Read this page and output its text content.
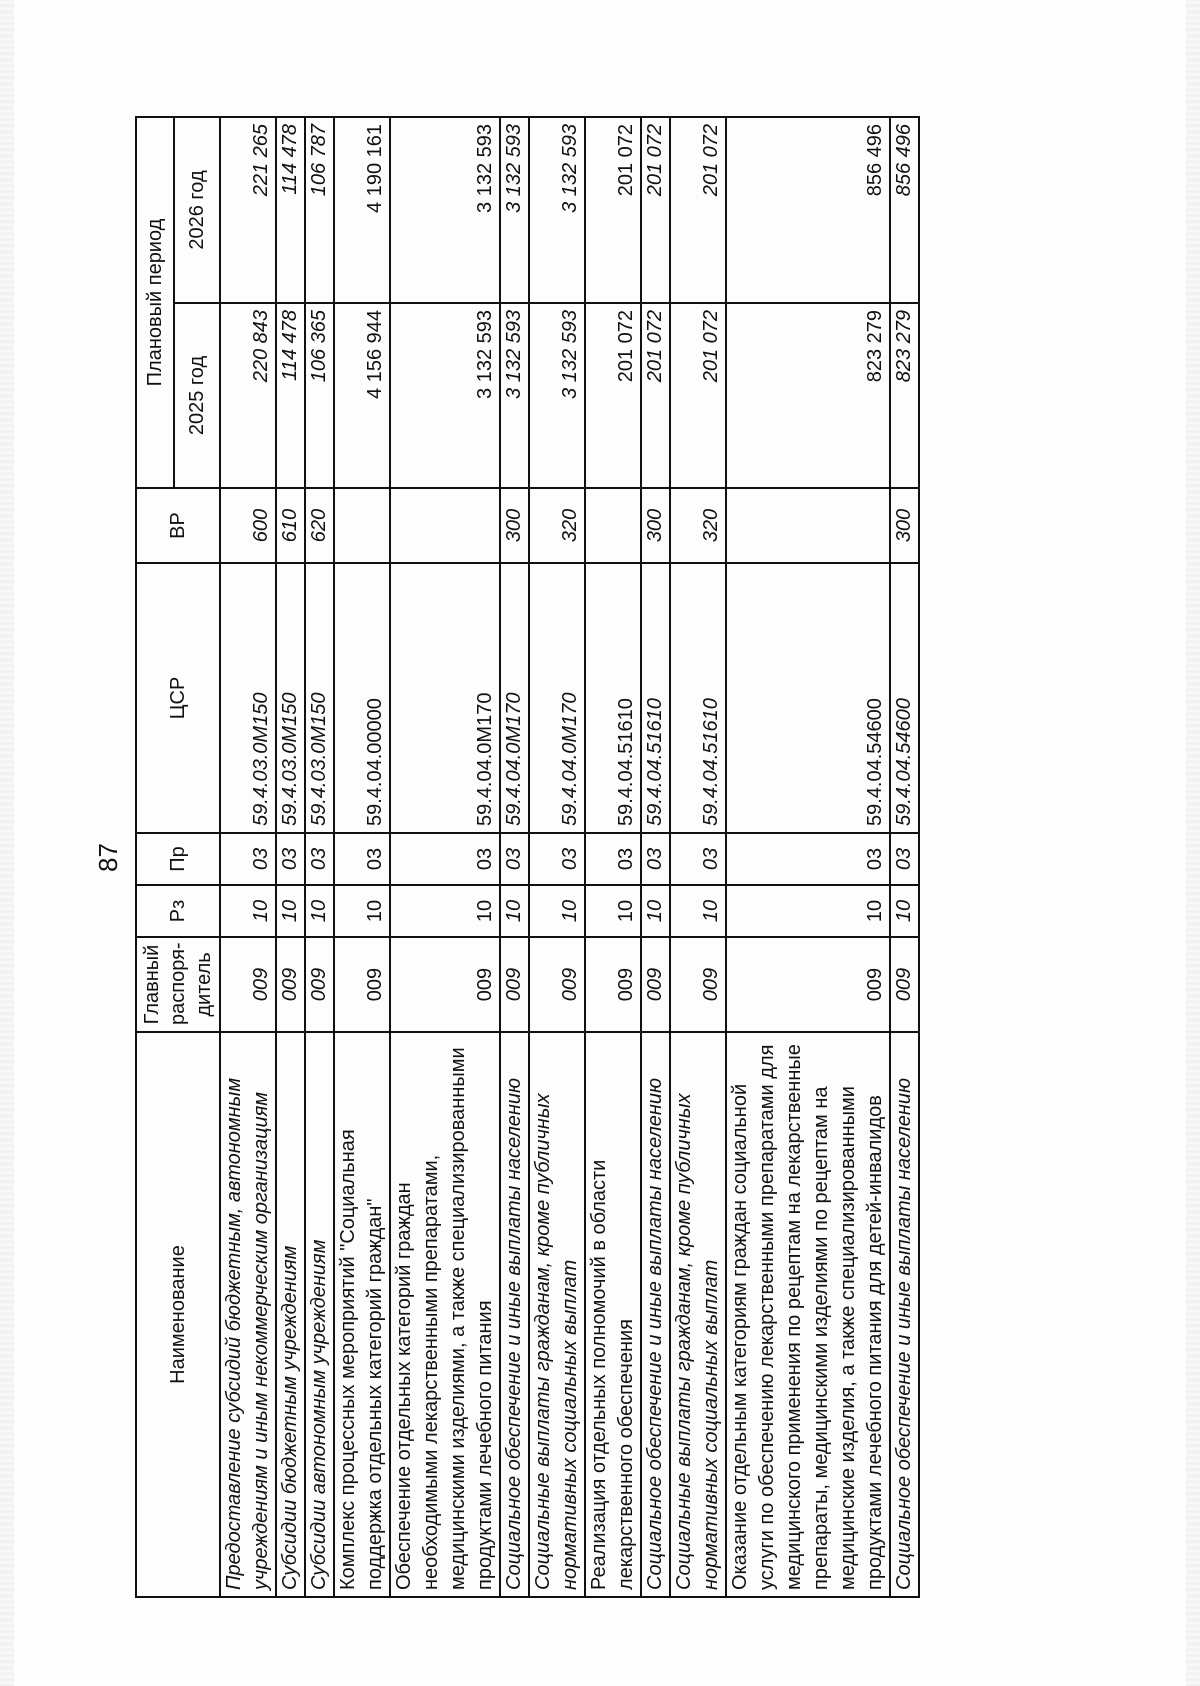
87
Наименование	Главный распоря-дитель	Рз	Пр	ЦСР	ВР	Плановый период	
						2025 год	2026 год
Предоставление субсидий бюджетным, автономным учреждениям и иным некоммерческим организациям	009	10	03	59.4.03.0М150	600	220 843	221 265
Субсидии бюджетным учреждениям	009	10	03	59.4.03.0М150	610	114 478	114 478
Субсидии автономным учреждениям	009	10	03	59.4.03.0М150	620	106 365	106 787
Комплекс процессных мероприятий "Социальная поддержка отдельных категорий граждан"	009	10	03	59.4.04.00000		4 156 944	4 190 161
Обеспечение отдельных категорий граждан необходимыми лекарственными препаратами, медицинскими изделиями, а также специализированными продуктами лечебного питания	009	10	03	59.4.04.0М170		3 132 593	3 132 593
Социальное обеспечение и иные выплаты населению	009	10	03	59.4.04.0М170	300	3 132 593	3 132 593
Социальные выплаты гражданам, кроме публичных нормативных социальных выплат	009	10	03	59.4.04.0М170	320	3 132 593	3 132 593
Реализация отдельных полномочий в области лекарственного обеспечения	009	10	03	59.4.04.51610		201 072	201 072
Социальное обеспечение и иные выплаты населению	009	10	03	59.4.04.51610	300	201 072	201 072
Социальные выплаты гражданам, кроме публичных нормативных социальных выплат	009	10	03	59.4.04.51610	320	201 072	201 072
Оказание отдельным категориям граждан социальной услуги по обеспечению лекарственными препаратами для медицинского применения по рецептам на лекарственные препараты, медицинскими изделиями по рецептам на медицинские изделия, а также специализированными продуктами лечебного питания для детей-инвалидов	009	10	03	59.4.04.54600		823 279	856 496
Социальное обеспечение и иные выплаты населению	009	10	03	59.4.04.54600	300	823 279	856 496
